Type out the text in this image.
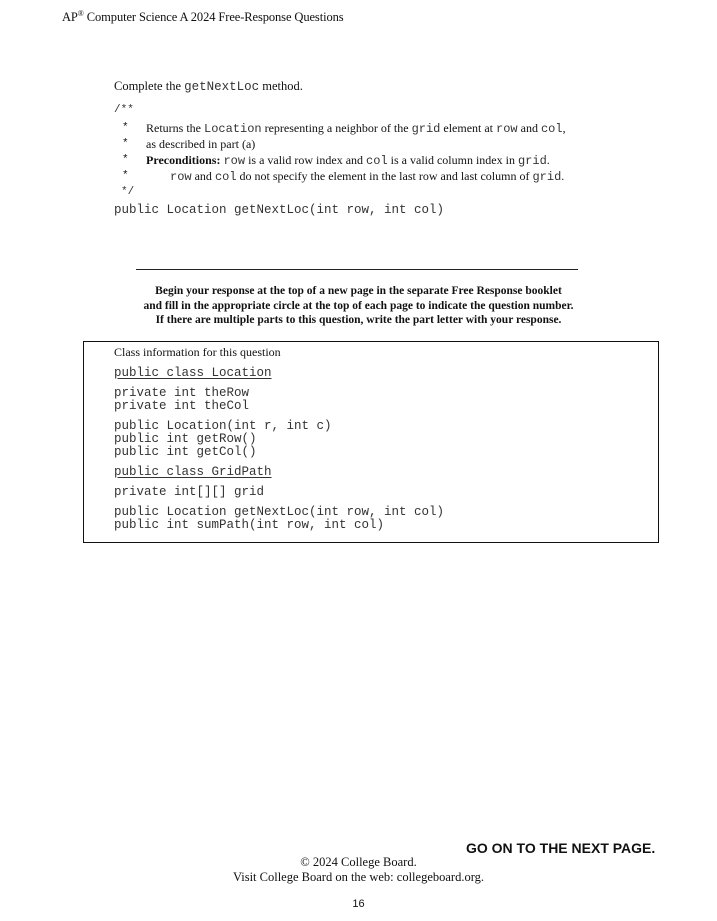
AP® Computer Science A 2024 Free-Response Questions
Complete the getNextLoc method.
/**
* Returns the Location representing a neighbor of the grid element at row and col,
* as described in part (a)
* Preconditions: row is a valid row index and col is a valid column index in grid.
*	row and col do not specify the element in the last row and last column of grid.
*/
public Location getNextLoc(int row, int col)
Begin your response at the top of a new page in the separate Free Response booklet
and fill in the appropriate circle at the top of each page to indicate the question number.
If there are multiple parts to this question, write the part letter with your response.
Class information for this question
public class Location
private int theRow
private int theCol
public Location(int r, int c)
public int getRow()
public int getCol()
public class GridPath
private int[][] grid
public Location getNextLoc(int row, int col)
public int sumPath(int row, int col)
GO ON TO THE NEXT PAGE.
© 2024 College Board.
Visit College Board on the web: collegeboard.org.
16
